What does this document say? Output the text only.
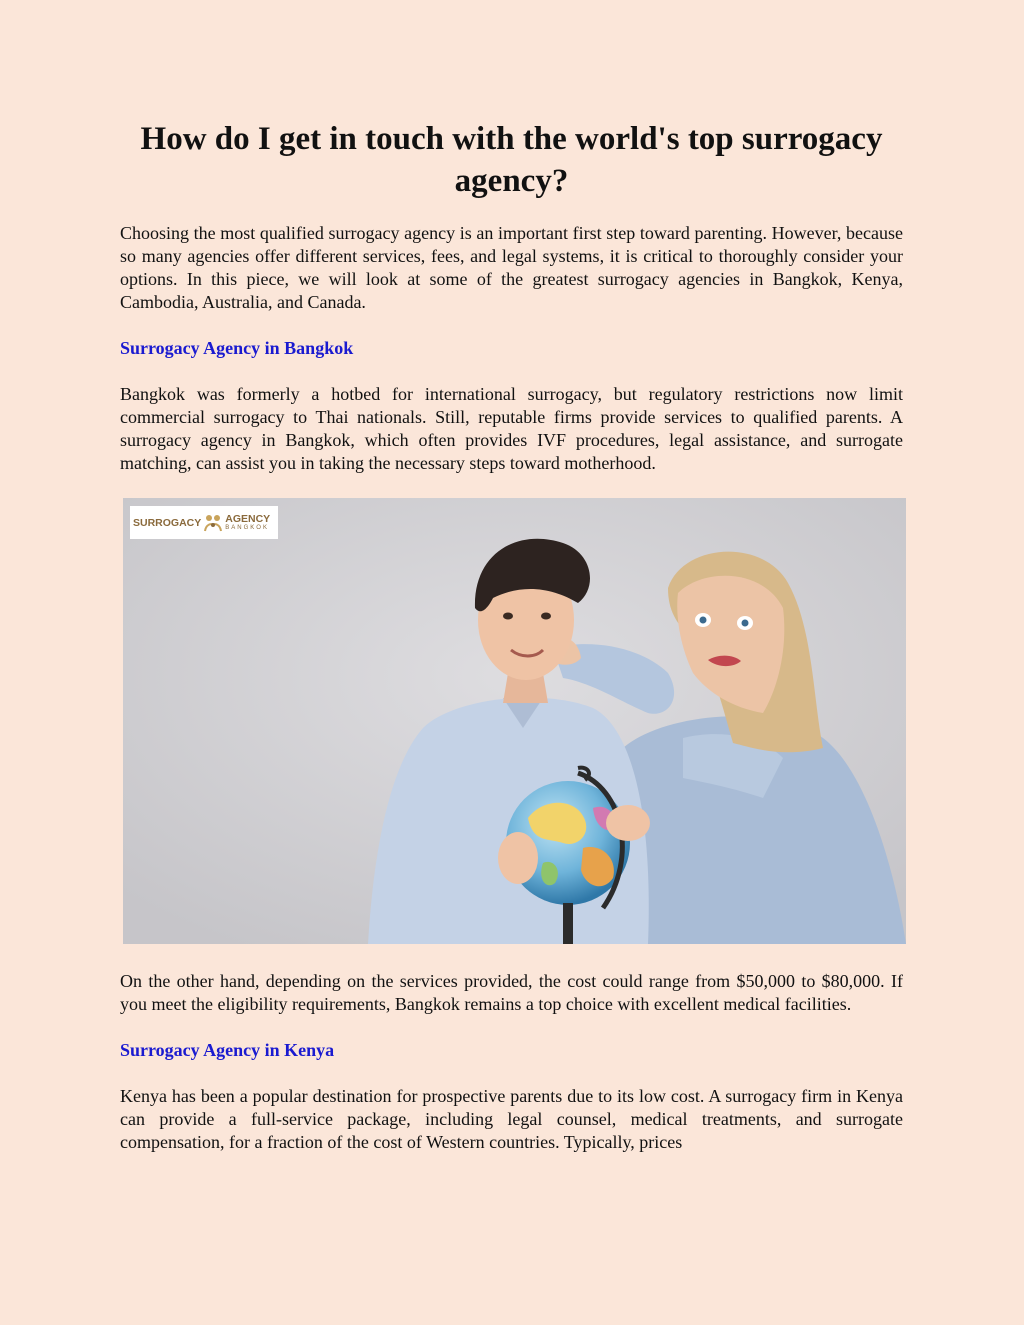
How do I get in touch with the world's top surrogacy agency?

Choosing the most qualified surrogacy agency is an important first step toward parenting. However, because so many agencies offer different services, fees, and legal systems, it is critical to thoroughly consider your options. In this piece, we will look at some of the greatest surrogacy agencies in Bangkok, Kenya, Cambodia, Australia, and Canada.

Surrogacy Agency in Bangkok

Bangkok was formerly a hotbed for international surrogacy, but regulatory restrictions now limit commercial surrogacy to Thai nationals. Still, reputable firms provide services to qualified parents. A surrogacy agency in Bangkok, which often provides IVF procedures, legal assistance, and surrogate matching, can assist you in taking the necessary steps toward motherhood.

SURROGACY AGENCY
BANGKOK

On the other hand, depending on the services provided, the cost could range from $50,000 to $80,000. If you meet the eligibility requirements, Bangkok remains a top choice with excellent medical facilities.

Surrogacy Agency in Kenya

Kenya has been a popular destination for prospective parents due to its low cost. A surrogacy firm in Kenya can provide a full-service package, including legal counsel, medical treatments, and surrogate compensation, for a fraction of the cost of Western countries. Typically, prices
